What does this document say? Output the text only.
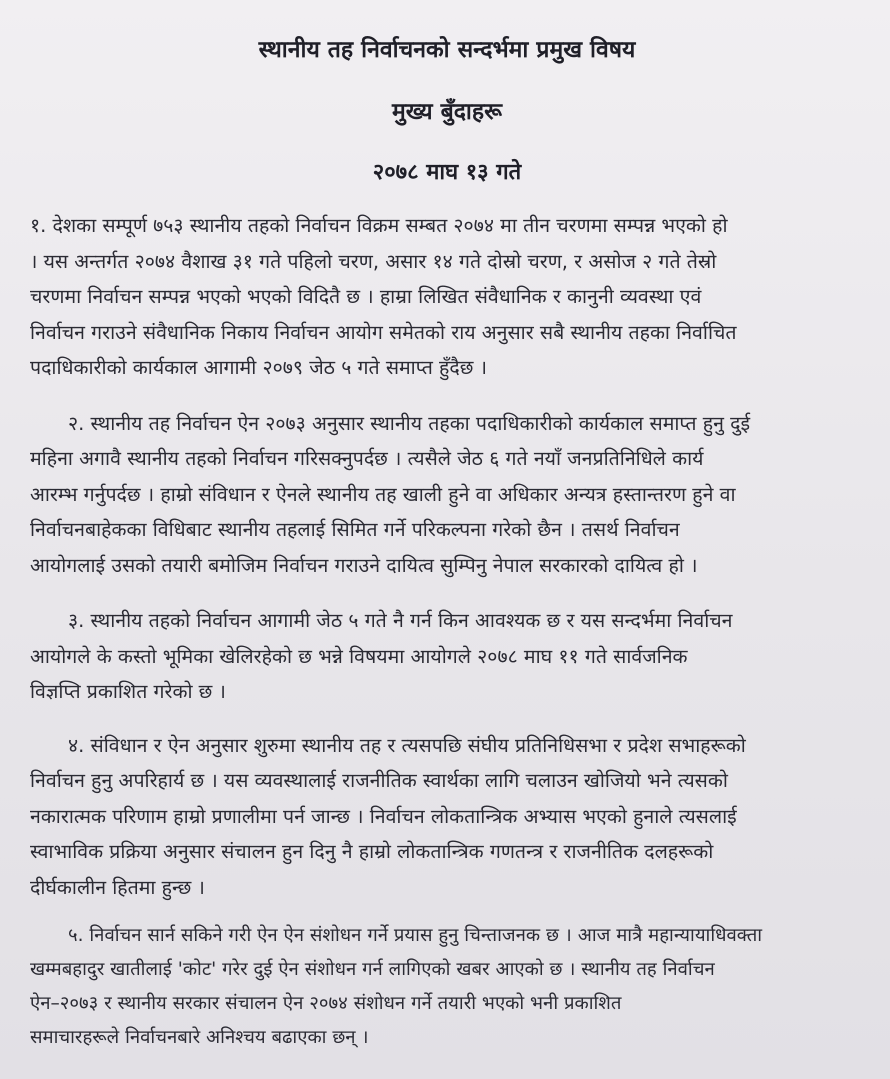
स्थानीय तह निर्वाचनको सन्दर्भमा प्रमुख विषय
मुख्य बुँदाहरू
२०७८ माघ १३ गते

१. देशका सम्पूर्ण ७५३ स्थानीय तहको निर्वाचन विक्रम सम्बत २०७४ मा तीन चरणमा सम्पन्न भएको हो
। यस अन्तर्गत २०७४ वैशाख ३१ गते पहिलो चरण, असार १४ गते दोस्रो चरण, र असोज २ गते तेस्रो
चरणमा निर्वाचन सम्पन्न भएको भएको विदितै छ । हाम्रा लिखित संवैधानिक र कानुनी व्यवस्था एवं
निर्वाचन गराउने संवैधानिक निकाय निर्वाचन आयोग समेतको राय अनुसार सबै स्थानीय तहका निर्वाचित
पदाधिकारीको कार्यकाल आगामी २०७९ जेठ ५ गते समाप्त हुँदैछ ।

२. स्थानीय तह निर्वाचन ऐन २०७३ अनुसार स्थानीय तहका पदाधिकारीको कार्यकाल समाप्त हुनु दुई
महिना अगावै स्थानीय तहको निर्वाचन गरिसक्नुपर्दछ । त्यसैले जेठ ६ गते नयाँ जनप्रतिनिधिले कार्य
आरम्भ गर्नुपर्दछ । हाम्रो संविधान र ऐनले स्थानीय तह खाली हुने वा अधिकार अन्यत्र हस्तान्तरण हुने वा
निर्वाचनबाहेकका विधिबाट स्थानीय तहलाई सिमित गर्ने परिकल्पना गरेको छैन । तसर्थ निर्वाचन
आयोगलाई उसको तयारी बमोजिम निर्वाचन गराउने दायित्व सुम्पिनु नेपाल सरकारको दायित्व हो ।

३. स्थानीय तहको निर्वाचन आगामी जेठ ५ गते नै गर्न किन आवश्यक छ र यस सन्दर्भमा निर्वाचन
आयोगले के कस्तो भूमिका खेलिरहेको छ भन्ने विषयमा आयोगले २०७८ माघ ११ गते सार्वजनिक
विज्ञप्ति प्रकाशित गरेको छ ।

४. संविधान र ऐन अनुसार शुरुमा स्थानीय तह र त्यसपछि संघीय प्रतिनिधिसभा र प्रदेश सभाहरूको
निर्वाचन हुनु अपरिहार्य छ । यस व्यवस्थालाई राजनीतिक स्वार्थका लागि चलाउन खोजियो भने त्यसको
नकारात्मक परिणाम हाम्रो प्रणालीमा पर्न जान्छ । निर्वाचन लोकतान्त्रिक अभ्यास भएको हुनाले त्यसलाई
स्वाभाविक प्रक्रिया अनुसार संचालन हुन दिनु नै हाम्रो लोकतान्त्रिक गणतन्त्र र राजनीतिक दलहरूको
दीर्घकालीन हितमा हुन्छ ।

५. निर्वाचन सार्न सकिने गरी ऐन ऐन संशोधन गर्ने प्रयास हुनु चिन्ताजनक छ । आज मात्रै महान्यायाधिवक्ता
खम्मबहादुर खातीलाई 'कोट' गरेर दुई ऐन संशोधन गर्न लागिएको खबर आएको छ । स्थानीय तह निर्वाचन
ऐन–२०७३ र स्थानीय सरकार संचालन ऐन २०७४ संशोधन गर्ने तयारी भएको भनी प्रकाशित
समाचारहरूले निर्वाचनबारे अनिश्चय बढाएका छन् ।
